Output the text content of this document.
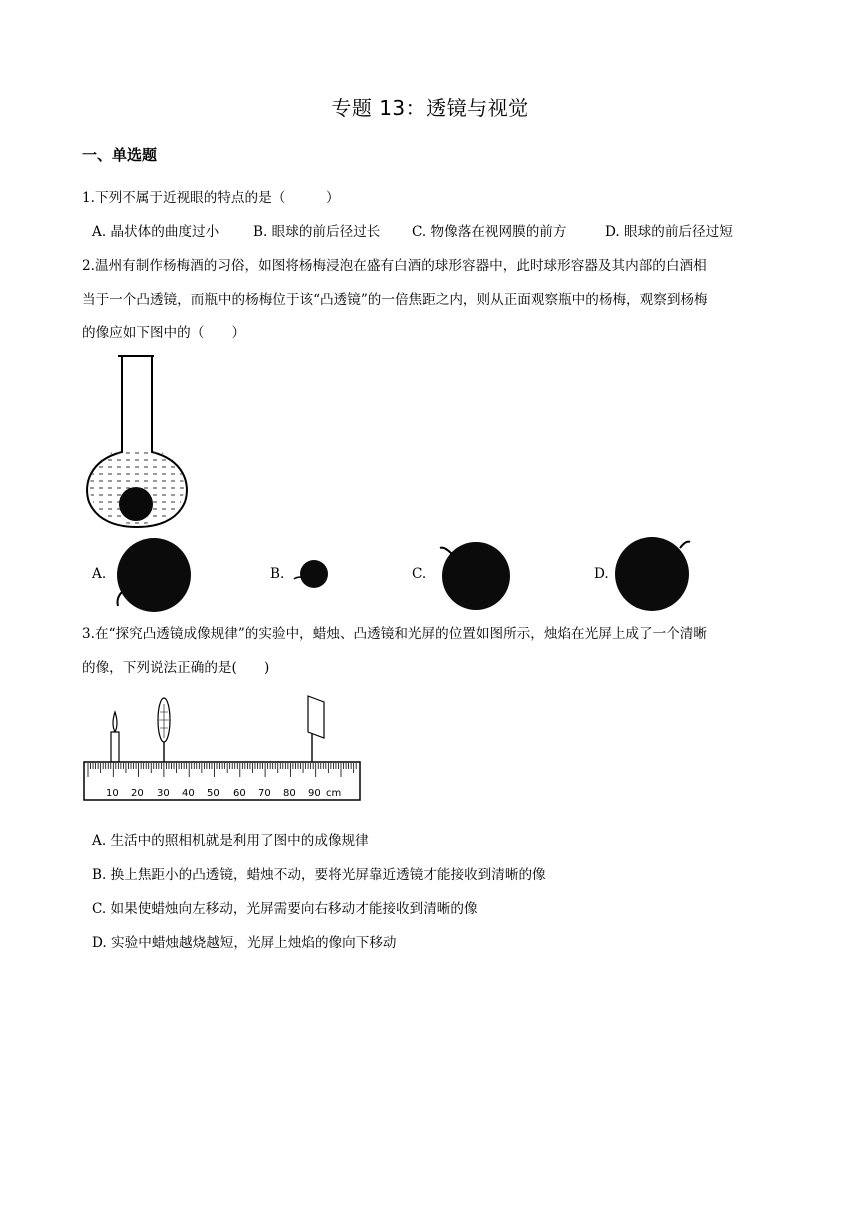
专题 13：透镜与视觉
一、单选题
1.下列不属于近视眼的特点的是（　　　）
A. 晶状体的曲度过小 B. 眼球的前后径过长 C. 物像落在视网膜的前方	D. 眼球的前后径过短
2.温州有制作杨梅酒的习俗，如图将杨梅浸泡在盛有白酒的球形容器中，此时球形容器及其内部的白酒相
当于一个凸透镜，而瓶中的杨梅位于该“凸透镜”的一倍焦距之内，则从正面观察瓶中的杨梅，观察到杨梅
的像应如下图中的（　　）
A.	B.	C.	D.
3.在“探究凸透镜成像规律”的实验中，蜡烛、凸透镜和光屏的位置如图所示，烛焰在光屏上成了一个清晰
的像，下列说法正确的是(　　)
10 20 30 40 50 60 70 80 90 cm
A. 生活中的照相机就是利用了图中的成像规律
B. 换上焦距小的凸透镜，蜡烛不动，要将光屏靠近透镜才能接收到清晰的像
C. 如果使蜡烛向左移动，光屏需要向右移动才能接收到清晰的像
D. 实验中蜡烛越烧越短，光屏上烛焰的像向下移动
